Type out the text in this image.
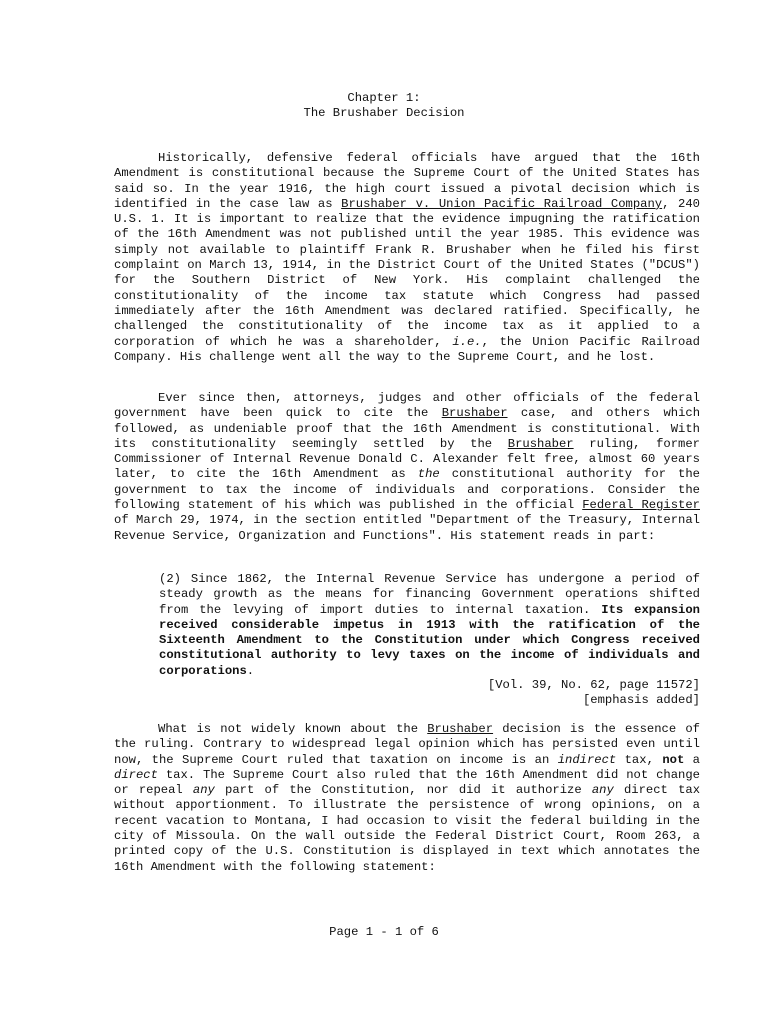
Chapter 1:
The Brushaber Decision

Historically, defensive federal officials have argued that the 16th Amendment is constitutional because the Supreme Court of the United States has said so. In the year 1916, the high court issued a pivotal decision which is identified in the case law as Brushaber v. Union Pacific Railroad Company, 240 U.S. 1. It is important to realize that the evidence impugning the ratification of the 16th Amendment was not published until the year 1985. This evidence was simply not available to plaintiff Frank R. Brushaber when he filed his first complaint on March 13, 1914, in the District Court of the United States ("DCUS") for the Southern District of New York. His complaint challenged the constitutionality of the income tax statute which Congress had passed immediately after the 16th Amendment was declared ratified. Specifically, he challenged the constitutionality of the income tax as it applied to a corporation of which he was a shareholder, i.e., the Union Pacific Railroad Company. His challenge went all the way to the Supreme Court, and he lost.

Ever since then, attorneys, judges and other officials of the federal government have been quick to cite the Brushaber case, and others which followed, as undeniable proof that the 16th Amendment is constitutional. With its constitutionality seemingly settled by the Brushaber ruling, former Commissioner of Internal Revenue Donald C. Alexander felt free, almost 60 years later, to cite the 16th Amendment as the constitutional authority for the government to tax the income of individuals and corporations. Consider the following statement of his which was published in the official Federal Register of March 29, 1974, in the section entitled "Department of the Treasury, Internal Revenue Service, Organization and Functions". His statement reads in part:

(2) Since 1862, the Internal Revenue Service has undergone a period of steady growth as the means for financing Government operations shifted from the levying of import duties to internal taxation. Its expansion received considerable impetus in 1913 with the ratification of the Sixteenth Amendment to the Constitution under which Congress received constitutional authority to levy taxes on the income of individuals and corporations.
[Vol. 39, No. 62, page 11572]
[emphasis added]

What is not widely known about the Brushaber decision is the essence of the ruling. Contrary to widespread legal opinion which has persisted even until now, the Supreme Court ruled that taxation on income is an indirect tax, not a direct tax. The Supreme Court also ruled that the 16th Amendment did not change or repeal any part of the Constitution, nor did it authorize any direct tax without apportionment. To illustrate the persistence of wrong opinions, on a recent vacation to Montana, I had occasion to visit the federal building in the city of Missoula. On the wall outside the Federal District Court, Room 263, a printed copy of the U.S. Constitution is displayed in text which annotates the 16th Amendment with the following statement:

Page 1 - 1 of 6
